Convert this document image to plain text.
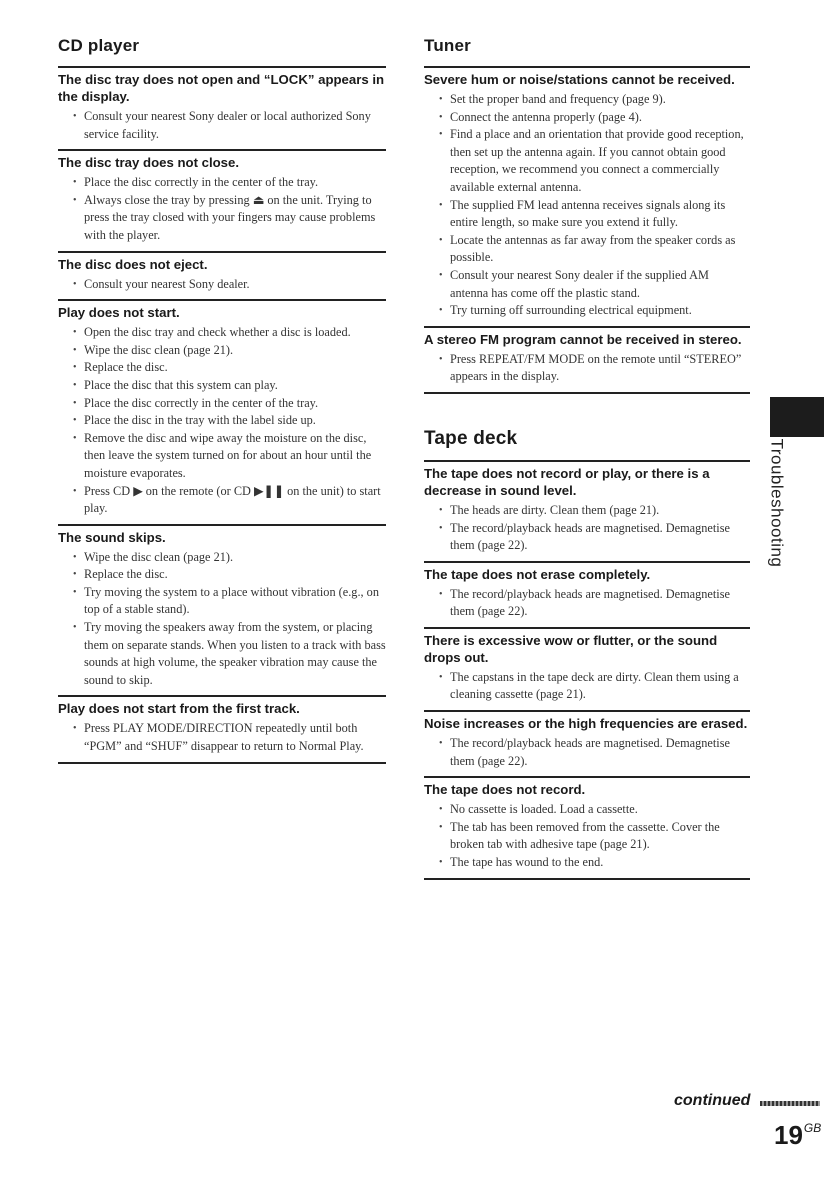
CD player
The disc tray does not open and “LOCK” appears in the display.
• Consult your nearest Sony dealer or local authorized Sony service facility.
The disc tray does not close.
• Place the disc correctly in the center of the tray.
• Always close the tray by pressing ⏏ on the unit. Trying to press the tray closed with your fingers may cause problems with the player.
The disc does not eject.
• Consult your nearest Sony dealer.
Play does not start.
• Open the disc tray and check whether a disc is loaded.
• Wipe the disc clean (page 21).
• Replace the disc.
• Place the disc that this system can play.
• Place the disc correctly in the center of the tray.
• Place the disc in the tray with the label side up.
• Remove the disc and wipe away the moisture on the disc, then leave the system turned on for about an hour until the moisture evaporates.
• Press CD ▶ on the remote (or CD ▶❚❚ on the unit) to start play.
The sound skips.
• Wipe the disc clean (page 21).
• Replace the disc.
• Try moving the system to a place without vibration (e.g., on top of a stable stand).
• Try moving the speakers away from the system, or placing them on separate stands. When you listen to a track with bass sounds at high volume, the speaker vibration may cause the sound to skip.
Play does not start from the first track.
• Press PLAY MODE/DIRECTION repeatedly until both “PGM” and “SHUF” disappear to return to Normal Play.
Tuner
Severe hum or noise/stations cannot be received.
• Set the proper band and frequency (page 9).
• Connect the antenna properly (page 4).
• Find a place and an orientation that provide good reception, then set up the antenna again. If you cannot obtain good reception, we recommend you connect a commercially available external antenna.
• The supplied FM lead antenna receives signals along its entire length, so make sure you extend it fully.
• Locate the antennas as far away from the speaker cords as possible.
• Consult your nearest Sony dealer if the supplied AM antenna has come off the plastic stand.
• Try turning off surrounding electrical equipment.
A stereo FM program cannot be received in stereo.
• Press REPEAT/FM MODE on the remote until “STEREO” appears in the display.
Tape deck
The tape does not record or play, or there is a decrease in sound level.
• The heads are dirty. Clean them (page 21).
• The record/playback heads are magnetised. Demagnetise them (page 22).
The tape does not erase completely.
• The record/playback heads are magnetised. Demagnetise them (page 22).
There is excessive wow or flutter, or the sound drops out.
• The capstans in the tape deck are dirty. Clean them using a cleaning cassette (page 21).
Noise increases or the high frequencies are erased.
• The record/playback heads are magnetised. Demagnetise them (page 22).
The tape does not record.
• No cassette is loaded. Load a cassette.
• The tab has been removed from the cassette. Cover the broken tab with adhesive tape (page 21).
• The tape has wound to the end.
Troubleshooting
continued
$19^{GB}$
